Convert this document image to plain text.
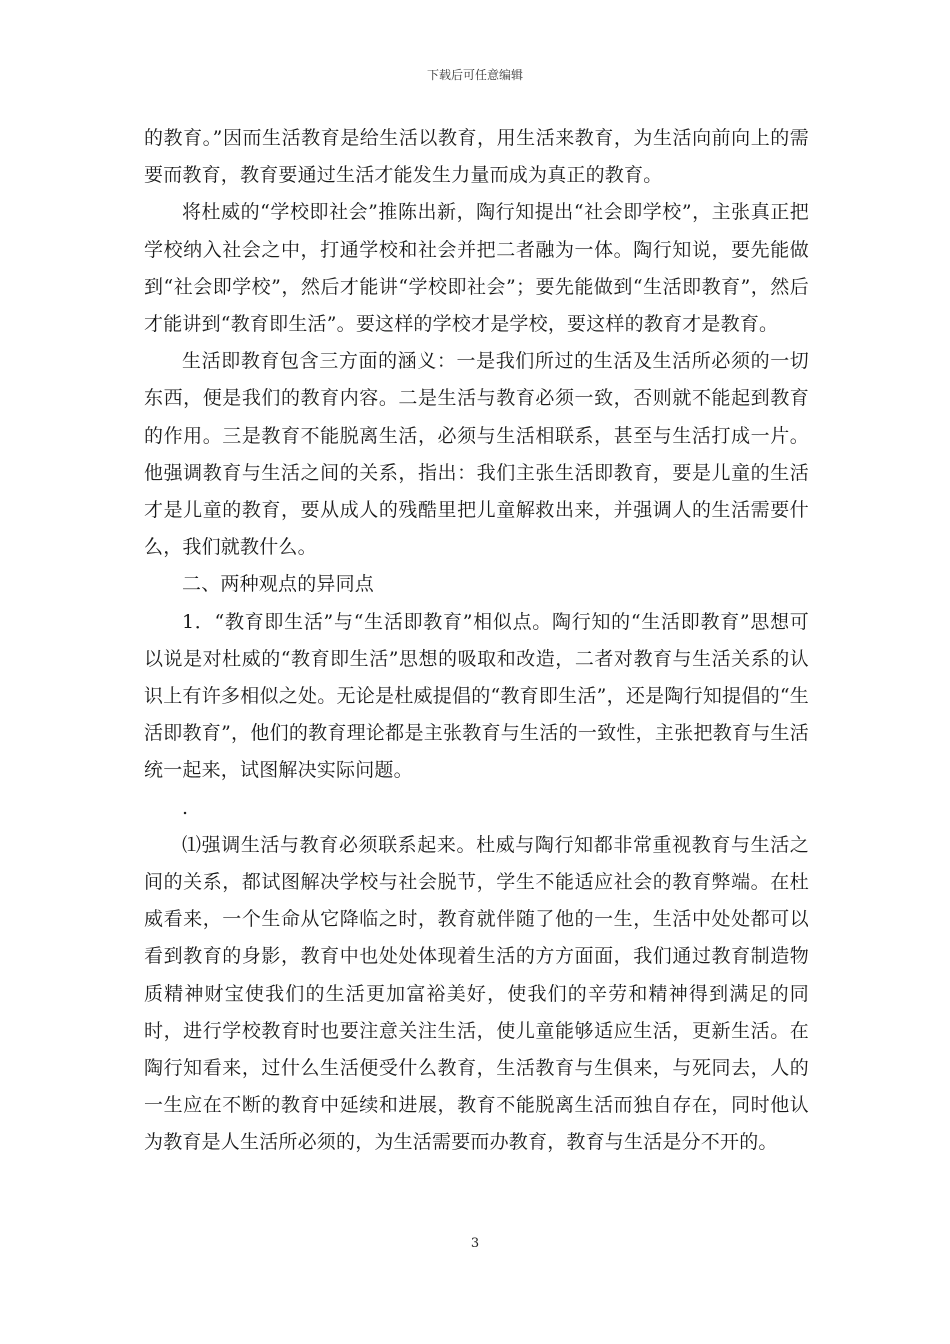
下载后可任意编辑

的教育。”因而生活教育是给生活以教育，用生活来教育，为生活向前向上的需要而教育，教育要通过生活才能发生力量而成为真正的教育。

将杜威的“学校即社会”推陈出新，陶行知提出“社会即学校”，主张真正把学校纳入社会之中，打通学校和社会并把二者融为一体。陶行知说，要先能做到“社会即学校”，然后才能讲“学校即社会”；要先能做到“生活即教育”，然后才能讲到“教育即生活”。要这样的学校才是学校，要这样的教育才是教育。

生活即教育包含三方面的涵义：一是我们所过的生活及生活所必须的一切东西，便是我们的教育内容。二是生活与教育必须一致，否则就不能起到教育的作用。三是教育不能脱离生活，必须与生活相联系，甚至与生活打成一片。他强调教育与生活之间的关系，指出：我们主张生活即教育，要是儿童的生活才是儿童的教育，要从成人的残酷里把儿童解救出来，并强调人的生活需要什么，我们就教什么。

二、两种观点的异同点

1．“教育即生活”与“生活即教育”相似点。陶行知的“生活即教育”思想可以说是对杜威的“教育即生活”思想的吸取和改造，二者对教育与生活关系的认识上有许多相似之处。无论是杜威提倡的“教育即生活”，还是陶行知提倡的“生活即教育”，他们的教育理论都是主张教育与生活的一致性，主张把教育与生活统一起来，试图解决实际问题。

.

⑴强调生活与教育必须联系起来。杜威与陶行知都非常重视教育与生活之间的关系，都试图解决学校与社会脱节，学生不能适应社会的教育弊端。在杜威看来，一个生命从它降临之时，教育就伴随了他的一生，生活中处处都可以看到教育的身影，教育中也处处体现着生活的方方面面，我们通过教育制造物质精神财宝使我们的生活更加富裕美好，使我们的辛劳和精神得到满足的同时，进行学校教育时也要注意关注生活，使儿童能够适应生活，更新生活。在陶行知看来，过什么生活便受什么教育，生活教育与生俱来，与死同去，人的一生应在不断的教育中延续和进展，教育不能脱离生活而独自存在，同时他认为教育是人生活所必须的，为生活需要而办教育，教育与生活是分不开的。

3
